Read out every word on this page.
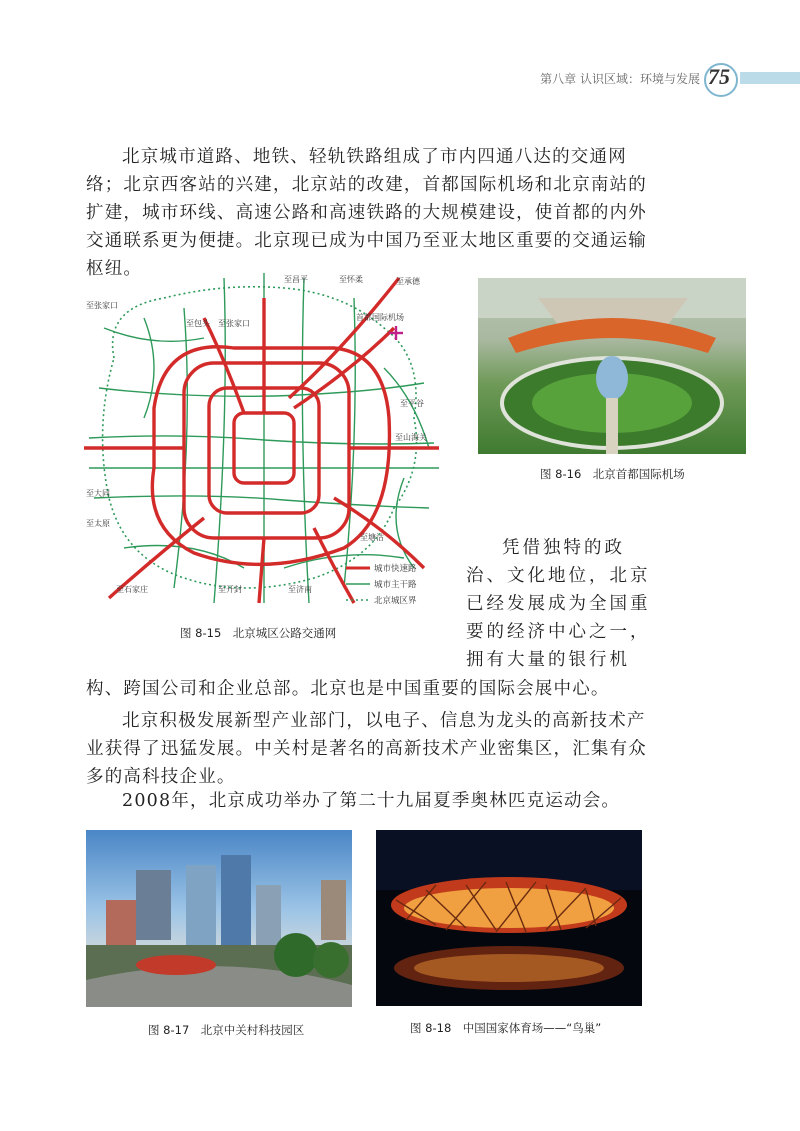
第八章 认识区域：环境与发展 75

北京城市道路、地铁、轻轨铁路组成了市内四通八达的交通网络；北京西客站的兴建，北京站的改建，首都国际机场和北京南站的扩建，城市环线、高速公路和高速铁路的大规模建设，使首都的内外交通联系更为便捷。北京现已成为中国乃至亚太地区重要的交通运输枢纽。

至昌平	至怀柔	至承德
至张家口
至包头 至张家口
首都国际机场
至平谷
至山海关
至大同
至太原
至塘沽
至石家庄	至开封	至济南
城市快速路
城市主干路
北京城区界
图 8-15　北京城区公路交通网
图 8-16　北京首都国际机场

凭借独特的政治、文化地位，北京已经发展成为全国重要的经济中心之一，拥有大量的银行机

构、跨国公司和企业总部。北京也是中国重要的国际会展中心。

北京积极发展新型产业部门，以电子、信息为龙头的高新技术产业获得了迅猛发展。中关村是著名的高新技术产业密集区，汇集有众多的高科技企业。

2008年，北京成功举办了第二十九届夏季奥林匹克运动会。

图 8-17　北京中关村科技园区	图 8-18　中国国家体育场——“鸟巢”
